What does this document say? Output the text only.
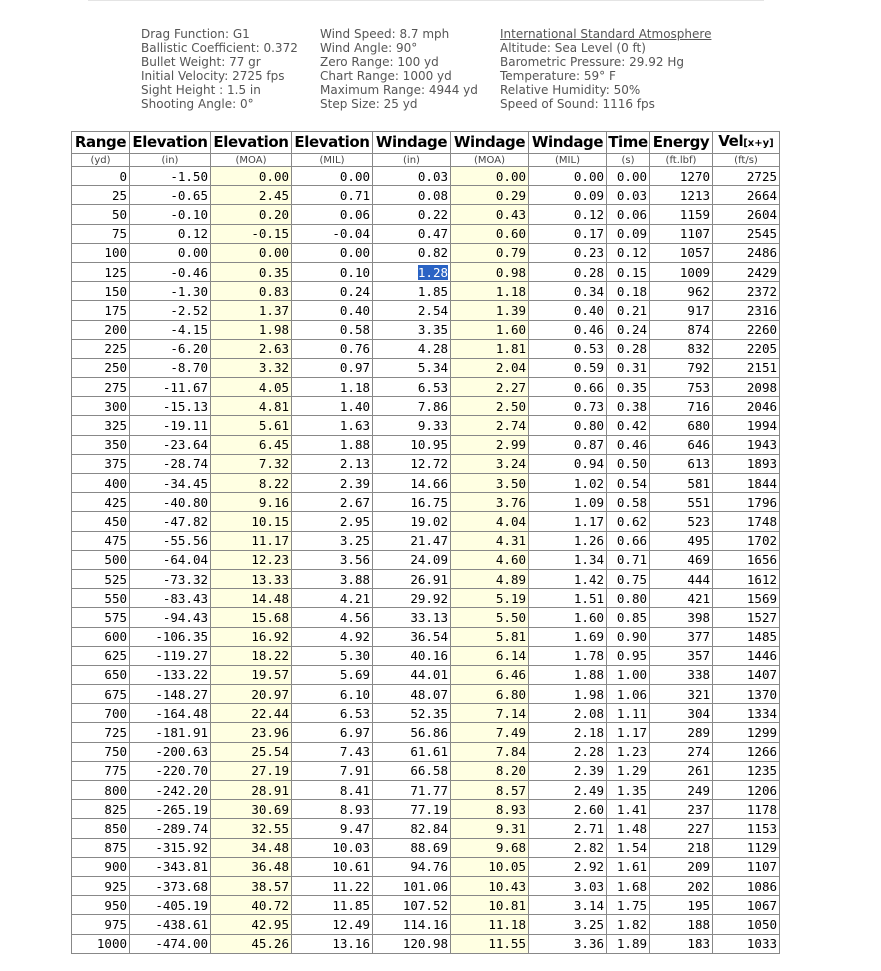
Drag Function: G1
Ballistic Coefficient: 0.372
Bullet Weight: 77 gr
Initial Velocity: 2725 fps
Sight Height : 1.5 in
Shooting Angle: 0°
Wind Speed: 8.7 mph
Wind Angle: 90°
Zero Range: 100 yd
Chart Range: 1000 yd
Maximum Range: 4944 yd
Step Size: 25 yd
International Standard Atmosphere
Altitude: Sea Level (0 ft)
Barometric Pressure: 29.92 Hg
Temperature: 59° F
Relative Humidity: 50%
Speed of Sound: 1116 fps
Range	Elevation	Elevation	Elevation	Windage	Windage	Windage	Time	Energy	Vel[x+y]
(yd)	(in)	(MOA)	(MIL)	(in)	(MOA)	(MIL)	(s)	(ft.lbf)	(ft/s)
0	-1.50	0.00	0.00	0.03	0.00	0.00	0.00	1270	2725
25	-0.65	2.45	0.71	0.08	0.29	0.09	0.03	1213	2664
50	-0.10	0.20	0.06	0.22	0.43	0.12	0.06	1159	2604
75	0.12	-0.15	-0.04	0.47	0.60	0.17	0.09	1107	2545
100	0.00	0.00	0.00	0.82	0.79	0.23	0.12	1057	2486
125	-0.46	0.35	0.10	1.28	0.98	0.28	0.15	1009	2429
150	-1.30	0.83	0.24	1.85	1.18	0.34	0.18	962	2372
175	-2.52	1.37	0.40	2.54	1.39	0.40	0.21	917	2316
200	-4.15	1.98	0.58	3.35	1.60	0.46	0.24	874	2260
225	-6.20	2.63	0.76	4.28	1.81	0.53	0.28	832	2205
250	-8.70	3.32	0.97	5.34	2.04	0.59	0.31	792	2151
275	-11.67	4.05	1.18	6.53	2.27	0.66	0.35	753	2098
300	-15.13	4.81	1.40	7.86	2.50	0.73	0.38	716	2046
325	-19.11	5.61	1.63	9.33	2.74	0.80	0.42	680	1994
350	-23.64	6.45	1.88	10.95	2.99	0.87	0.46	646	1943
375	-28.74	7.32	2.13	12.72	3.24	0.94	0.50	613	1893
400	-34.45	8.22	2.39	14.66	3.50	1.02	0.54	581	1844
425	-40.80	9.16	2.67	16.75	3.76	1.09	0.58	551	1796
450	-47.82	10.15	2.95	19.02	4.04	1.17	0.62	523	1748
475	-55.56	11.17	3.25	21.47	4.31	1.26	0.66	495	1702
500	-64.04	12.23	3.56	24.09	4.60	1.34	0.71	469	1656
525	-73.32	13.33	3.88	26.91	4.89	1.42	0.75	444	1612
550	-83.43	14.48	4.21	29.92	5.19	1.51	0.80	421	1569
575	-94.43	15.68	4.56	33.13	5.50	1.60	0.85	398	1527
600	-106.35	16.92	4.92	36.54	5.81	1.69	0.90	377	1485
625	-119.27	18.22	5.30	40.16	6.14	1.78	0.95	357	1446
650	-133.22	19.57	5.69	44.01	6.46	1.88	1.00	338	1407
675	-148.27	20.97	6.10	48.07	6.80	1.98	1.06	321	1370
700	-164.48	22.44	6.53	52.35	7.14	2.08	1.11	304	1334
725	-181.91	23.96	6.97	56.86	7.49	2.18	1.17	289	1299
750	-200.63	25.54	7.43	61.61	7.84	2.28	1.23	274	1266
775	-220.70	27.19	7.91	66.58	8.20	2.39	1.29	261	1235
800	-242.20	28.91	8.41	71.77	8.57	2.49	1.35	249	1206
825	-265.19	30.69	8.93	77.19	8.93	2.60	1.41	237	1178
850	-289.74	32.55	9.47	82.84	9.31	2.71	1.48	227	1153
875	-315.92	34.48	10.03	88.69	9.68	2.82	1.54	218	1129
900	-343.81	36.48	10.61	94.76	10.05	2.92	1.61	209	1107
925	-373.68	38.57	11.22	101.06	10.43	3.03	1.68	202	1086
950	-405.19	40.72	11.85	107.52	10.81	3.14	1.75	195	1067
975	-438.61	42.95	12.49	114.16	11.18	3.25	1.82	188	1050
1000	-474.00	45.26	13.16	120.98	11.55	3.36	1.89	183	1033
